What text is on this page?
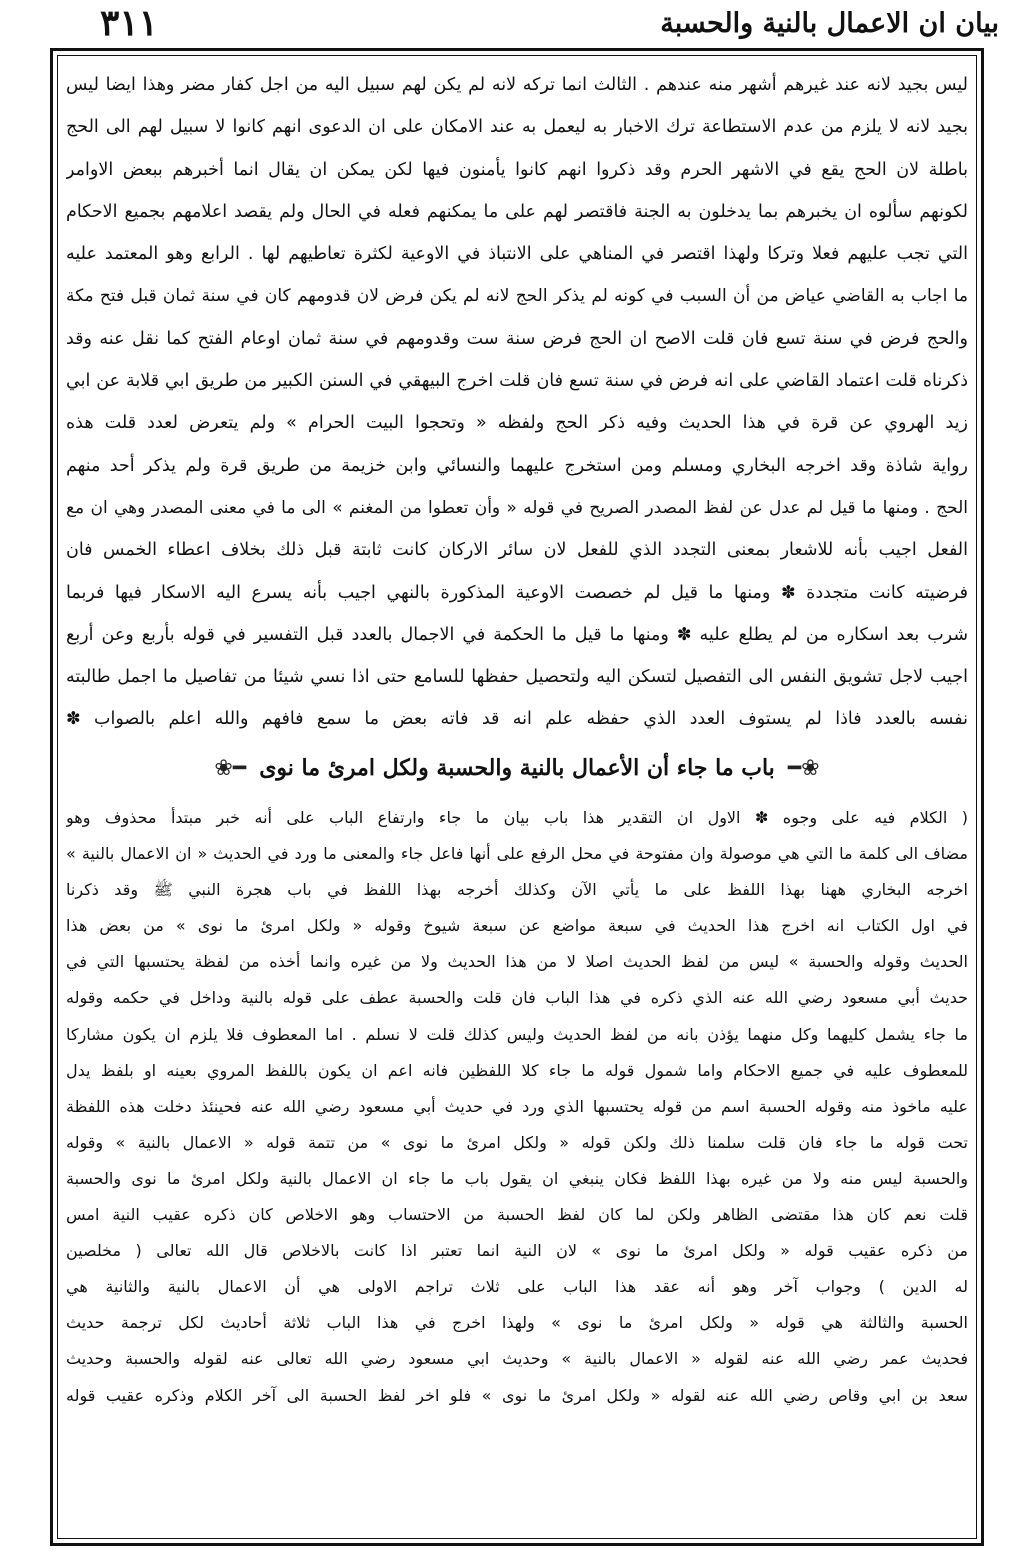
بيان ان الاعمال بالنية والحسبة
٣١١

ليس بجيد لانه عند غيرهم أشهر منه عندهم . الثالث انما تركه لانه لم يكن لهم سبيل اليه من اجل كفار مضر وهذا ايضا ليس

بجيد لانه لا يلزم من عدم الاستطاعة ترك الاخبار به ليعمل به عند الامكان على ان الدعوى انهم كانوا لا سبيل لهم الى الحج

باطلة لان الحج يقع في الاشهر الحرم وقد ذكروا انهم كانوا يأمنون فيها لكن يمكن ان يقال انما أخبرهم ببعض الاوامر

لكونهم سألوه ان يخبرهم بما يدخلون به الجنة فاقتصر لهم على ما يمكنهم فعله في الحال ولم يقصد اعلامهم بجميع الاحكام

التي تجب عليهم فعلا وتركا ولهذا اقتصر في المناهي على الانتباذ في الاوعية لكثرة تعاطيهم لها . الرابع وهو المعتمد عليه

ما اجاب به القاضي عياض من أن السبب في كونه لم يذكر الحج لانه لم يكن فرض لان قدومهم كان في سنة ثمان قبل فتح مكة

والحج فرض في سنة تسع فان قلت الاصح ان الحج فرض سنة ست وقدومهم في سنة ثمان اوعام الفتح كما نقل عنه وقد

ذكرناه قلت اعتماد القاضي على انه فرض في سنة تسع فان قلت اخرج البيهقي في السنن الكبير من طريق ابي قلابة عن ابي

زيد الهروي عن قرة في هذا الحديث وفيه ذكر الحج ولفظه « وتحجوا البيت الحرام » ولم يتعرض لعدد قلت هذه

رواية شاذة وقد اخرجه البخاري ومسلم ومن استخرج عليهما والنسائي وابن خزيمة من طريق قرة ولم يذكر أحد منهم

الحج . ومنها ما قيل لم عدل عن لفظ المصدر الصريح في قوله « وأن تعطوا من المغنم » الى ما في معنى المصدر وهي ان مع

الفعل اجيب بأنه للاشعار بمعنى التجدد الذي للفعل لان سائر الاركان كانت ثابتة قبل ذلك بخلاف اعطاء الخمس فان

فرضيته كانت متجددة ✽ ومنها ما قيل لم خصصت الاوعية المذكورة بالنهي اجيب بأنه يسرع اليه الاسكار فيها فربما

شرب بعد اسكاره من لم يطلع عليه ✽ ومنها ما قيل ما الحكمة في الاجمال بالعدد قبل التفسير في قوله بأربع وعن أربع

اجيب لاجل تشويق النفس الى التفصيل لتسكن اليه ولتحصيل حفظها للسامع حتى اذا نسي شيئا من تفاصيل ما اجمل طالبته

نفسه بالعدد فاذا لم يستوف العدد الذي حفظه علم انه قد فاته بعض ما سمع فافهم والله اعلم بالصواب ✽

❀━ باب ما جاء أن الأعمال بالنية والحسبة ولكل امرئ ما نوى ━❀

( الكلام فيه على وجوه ✽ الاول ان التقدير هذا باب بيان ما جاء وارتفاع الباب على أنه خبر مبتدأ محذوف وهو

مضاف الى كلمة ما التي هي موصولة وان مفتوحة في محل الرفع على أنها فاعل جاء والمعنى ما ورد في الحديث « ان الاعمال بالنية »

اخرجه البخاري ههنا بهذا اللفظ على ما يأتي الآن وكذلك أخرجه بهذا اللفظ في باب هجرة النبي ﷺ وقد ذكرنا

في اول الكتاب انه اخرج هذا الحديث في سبعة مواضع عن سبعة شيوخ وقوله « ولكل امرئ ما نوى » من بعض هذا

الحديث وقوله والحسبة » ليس من لفظ الحديث اصلا لا من هذا الحديث ولا من غيره وانما أخذه من لفظة يحتسبها التي في

حديث أبي مسعود رضي الله عنه الذي ذكره في هذا الباب فان قلت والحسبة عطف على قوله بالنية وداخل في حكمه وقوله

ما جاء يشمل كليهما وكل منهما يؤذن بانه من لفظ الحديث وليس كذلك قلت لا نسلم . اما المعطوف فلا يلزم ان يكون مشاركا

للمعطوف عليه في جميع الاحكام واما شمول قوله ما جاء كلا اللفظين فانه اعم ان يكون باللفظ المروي بعينه او بلفظ يدل

عليه ماخوذ منه وقوله الحسبة اسم من قوله يحتسبها الذي ورد في حديث أبي مسعود رضي الله عنه فحينئذ دخلت هذه اللفظة

تحت قوله ما جاء فان قلت سلمنا ذلك ولكن قوله « ولكل امرئ ما نوى » من تتمة قوله « الاعمال بالنية » وقوله

والحسبة ليس منه ولا من غيره بهذا اللفظ فكان ينبغي ان يقول باب ما جاء ان الاعمال بالنية ولكل امرئ ما نوى والحسبة

قلت نعم كان هذا مقتضى الظاهر ولكن لما كان لفظ الحسبة من الاحتساب وهو الاخلاص كان ذكره عقيب النية امس

من ذكره عقيب قوله « ولكل امرئ ما نوى » لان النية انما تعتبر اذا كانت بالاخلاص قال الله تعالى ( مخلصين

له الدين ) وجواب آخر وهو أنه عقد هذا الباب على ثلاث تراجم الاولى هي أن الاعمال بالنية والثانية هي

الحسبة والثالثة هي قوله « ولكل امرئ ما نوى » ولهذا اخرج في هذا الباب ثلاثة أحاديث لكل ترجمة حديث

فحديث عمر رضي الله عنه لقوله « الاعمال بالنية » وحديث ابي مسعود رضي الله تعالى عنه لقوله والحسبة وحديث

سعد بن ابي وقاص رضي الله عنه لقوله « ولكل امرئ ما نوى » فلو اخر لفظ الحسبة الى آخر الكلام وذكره عقيب قوله
